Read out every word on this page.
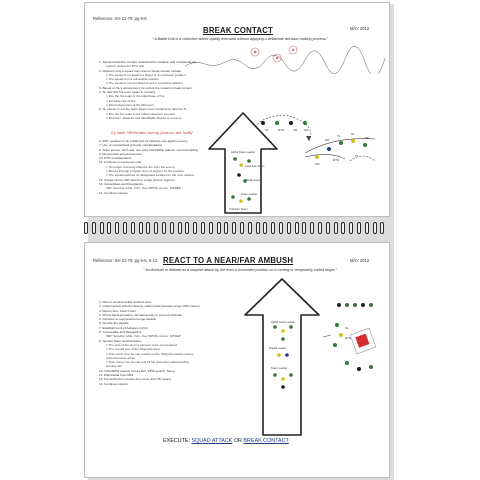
Reference: SH 21-76, pg 6-6
BREAK CONTACT	MAY 2012
" A Battle Drill is a collective action rapidly executed without applying a deliberate decision-making process."
1. Squad reacted to contact, assessed the situation and considered the
options outlined in RTC drill
2. Reasons why a squad may need to break contact include:
□ The squad is up against a larger or an unknown position
□ The squad is in a vulnerable position
□ The squad is not permitted to act in a decisive fashion
3. Based on SL's assessment, he orders the squad to break contact
4. SL tells first fire team (team in contact):
□ Fire the fire team in the initial base of fire
□ Increase rate of fire
□ Direct placement of the M2 team
5. SL moves or out fire team (team not in contact) he tells the TL
□ Fire the fire team in the initial maneuver element
□ Direction, distance and identifiable feature to move to
If y: name: 'Will fire team, last ring, prime run, and: 'scuffly'
6. 360° Location to be positioned for effective use against enemy
7. Use of smoke/hand grenade considerations
8. Team across, LIFT-rear, use color identifiable feature, scroll formatting
9. Dismounted entry/movement
10. RTO considerations
11. Continue to maneuver until:
□ No longer receiving effective fire from the enemy
□ Moves through a higher level of support by fire position
□ The squad reaches its designated location for the next mission
12. Squad moves 300 meters to a rally point to regroup
13. Consolidate and Reorganize
360° Security, ACE, CAC, Key WPNS, Ammo, SITREP
14. Continue mission
SL	RTO	AR GR
AR
TL	SL
MG
GR
RTO
TL
Alpha Team Leader
Lead Fire Team
M2 Element
Team Leader
Trail Fire Team
Reference: SH 21-76, pg 6-5, 6-12 REACT TO A NEAR/FAR AMBUSH	MAY 2012
" An Ambush is defined as a surprise attack by fire from a concealed position on a moving or temporarily halted target."
1. Plan to avoid possible ambush lines
2. Initial Contact with the Enemy, within hand grenade range (≤35 meters)
3. Return Fire, Seek Cover
4. Throw hand grenades, simultaneously to prevent fratricide
5. Continue to suppress/converge assault
6. SL/ASL fire signals
7. Establish Limit of Advance (LOA)
8. Consolidate and Reorganize
360° Security, ACE, CAC, Key WPNS, Ammo, SITREP
9. Special Team considerations
□ The size of the enemy element to be encountered
□ The overall size of the Objective area
□ How much time he can remain on the Objective before enemy
reinforcements arrive
□ How many men he can pull off his perimeter without letting
security fail
10. Initial EPW search, Aid & Litter, EPW search, Demo
11. Withdrawal from OBJ
12. Far ambush in contact from more than 35 meters
13. Continue mission
Alpha Team Leader
Squad Leader
Team Leader
SL
RTO
EXECUTE: SQUAD ATTACK OR BREAK CONTACT
